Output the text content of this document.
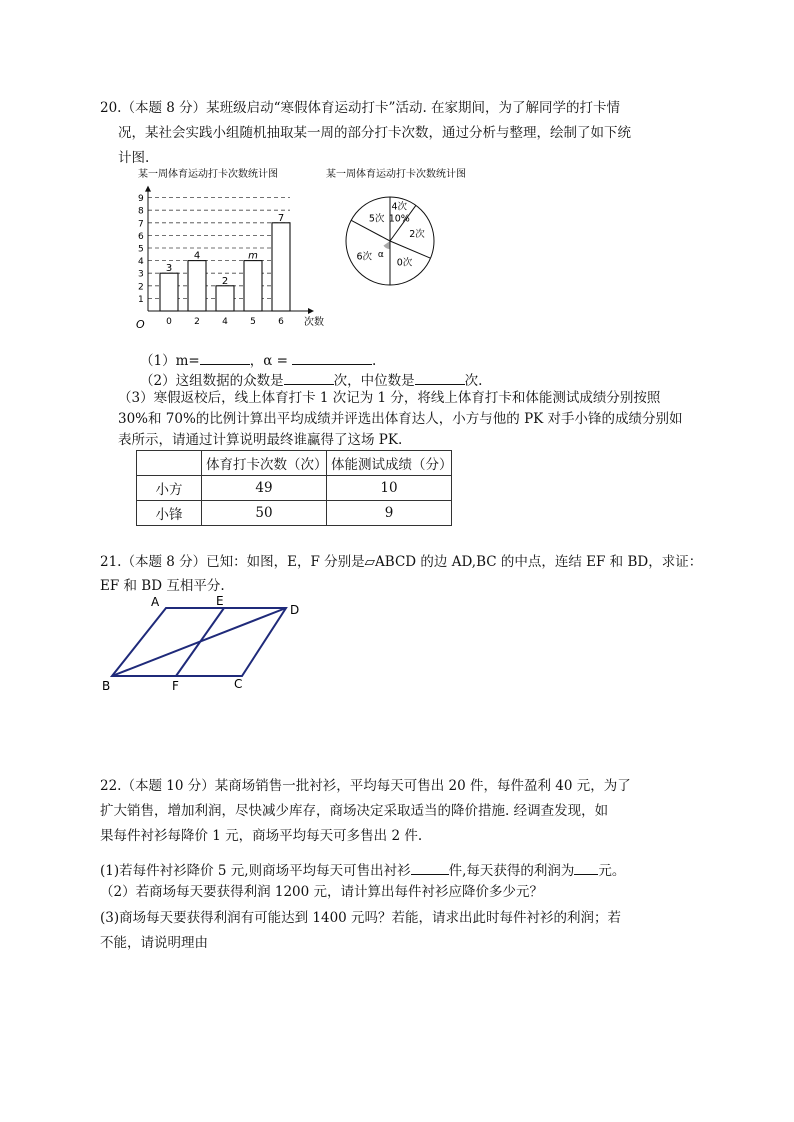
20.（本题 8 分）某班级启动“寒假体育运动打卡”活动. 在家期间，为了解同学的打卡情

况，某社会实践小组随机抽取某一周的部分打卡次数，通过分析与整理，绘制了如下统

计图.

某一周体育运动打卡次数统计图
1
2
3
4
5
6
7
8
9
3
0
4
2
2
4
m
5
7
6
O	次数
某一周体育运动打卡次数统计图
4次
10%
2次
0次
6次
5次
α
（1）m=	，α =	.
（2）这组数据的众数是	次，中位数是	次.

（3）寒假返校后，线上体育打卡 1 次记为 1 分，将线上体育打卡和体能测试成绩分别按照

30%和 70%的比例计算出平均成绩并评选出体育达人，小方与他的 PK 对手小锋的成绩分别如

表所示，请通过计算说明最终谁赢得了这场 PK.

	体育打卡次数（次）	体能测试成绩（分）
小方	49	10
小锋	50	9

21.（本题 8 分）已知：如图，E，F 分别是▱ABCD 的边 AD,BC 的中点，连结 EF 和 BD，求证：

EF 和 BD 互相平分.

A	E
D
B	F	C

22.（本题 10 分）某商场销售一批衬衫，平均每天可售出 20 件，每件盈利 40 元，为了

扩大销售，增加利润，尽快减少库存，商场决定采取适当的降价措施. 经调查发现，如

果每件衬衫每降价 1 元，商场平均每天可多售出 2 件.

(1)若每件衬衫降价 5 元,则商场平均每天可售出衬衫	件,每天获得的利润为 元。
（2）若商场每天要获得利润 1200 元，请计算出每件衬衫应降价多少元？

(3)商场每天要获得利润有可能达到 1400 元吗？若能，请求出此时每件衬衫的利润；若

不能，请说明理由
